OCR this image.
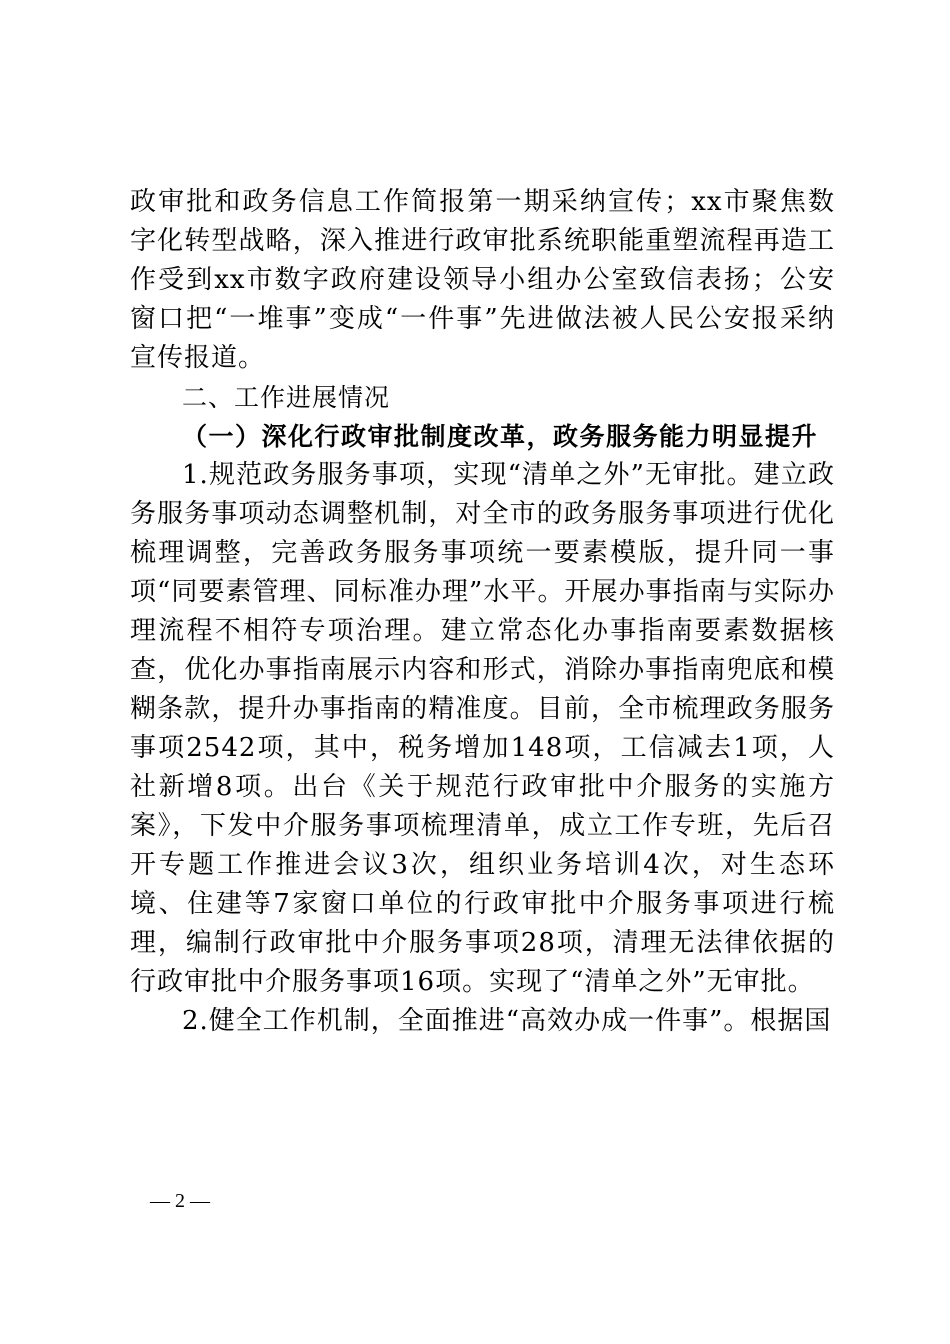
政审批和政务信息工作简报第一期采纳宣传；xx市聚焦数字化转型战略，深入推进行政审批系统职能重塑流程再造工作受到xx市数字政府建设领导小组办公室致信表扬；公安窗口把“一堆事”变成“一件事”先进做法被人民公安报采纳宣传报道。

二、工作进展情况

（一）深化行政审批制度改革，政务服务能力明显提升

1.规范政务服务事项，实现“清单之外”无审批。建立政务服务事项动态调整机制，对全市的政务服务事项进行优化梳理调整，完善政务服务事项统一要素模版，提升同一事项“同要素管理、同标准办理”水平。开展办事指南与实际办理流程不相符专项治理。建立常态化办事指南要素数据核查，优化办事指南展示内容和形式，消除办事指南兜底和模糊条款，提升办事指南的精准度。目前，全市梳理政务服务事项2542项，其中，税务增加148项，工信减去1项，人社新增8项。出台《关于规范行政审批中介服务的实施方案》，下发中介服务事项梳理清单，成立工作专班，先后召开专题工作推进会议3次，组织业务培训4次，对生态环境、住建等7家窗口单位的行政审批中介服务事项进行梳理，编制行政审批中介服务事项28项，清理无法律依据的行政审批中介服务事项16项。实现了“清单之外”无审批。

2.健全工作机制，全面推进“高效办成一件事”。根据国

— 2 —
